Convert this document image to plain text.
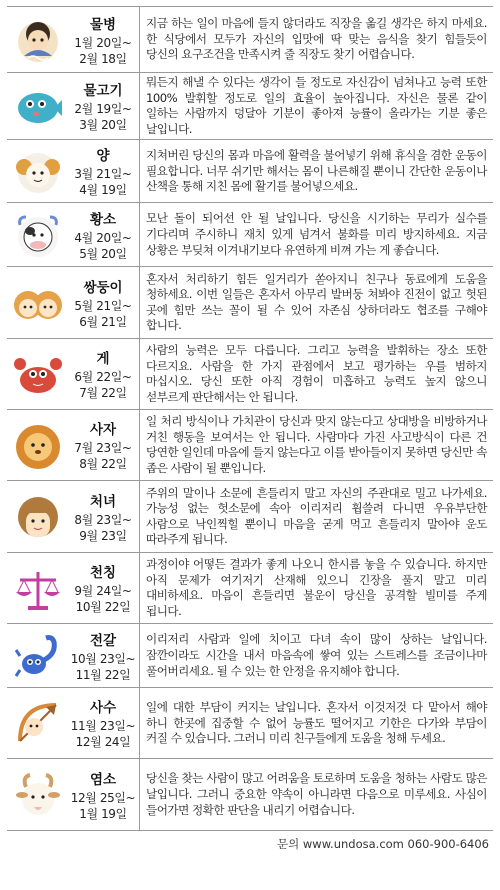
물병
1월 20일~
2월 18일	지금 하는 일이 마음에 들지 않더라도 직장을 옮길 생각은 하지 마세요. 한 식당에서 모두가 자신의 입맛에 딱 맞는 음식을 찾기 힘들듯이 당신의 요구조건을 만족시켜 줄 직장도 찾기 어렵습니다.

물고기
2월 19일~
3월 20일	뭐든지 해낼 수 있다는 생각이 들 정도로 자신감이 넘쳐나고 능력 또한 100% 발휘할 정도로 일의 효율이 높아집니다. 자신은 물론 같이 일하는 사람까지 덩달아 기분이 좋아져 능률이 올라가는 기분 좋은 날입니다.

양
3월 21일~
4월 19일	지쳐버린 당신의 몸과 마음에 활력을 불어넣기 위해 휴식을 겸한 운동이 필요합니다. 너무 쉬기만 해서는 몸이 나른해질 뿐이니 간단한 운동이나 산책을 통해 지친 몸에 활기를 불어넣으세요.

황소
4월 20일~
5월 20일	모난 돌이 되어선 안 될 날입니다. 당신을 시기하는 무리가 실수를 기다리며 주시하니 재치 있게 넘겨서 불화를 미리 방지하세요. 지금 상황은 부딪쳐 이겨내기보다 유연하게 비껴 가는 게 좋습니다.

쌍둥이
5월 21일~
6월 21일	혼자서 처리하기 힘든 일거리가 쏟아지니 친구나 동료에게 도움을 청하세요. 이번 일들은 혼자서 아무리 발버둥 쳐봐야 진전이 없고 헛된 곳에 힘만 쓰는 꼴이 될 수 있어 자존심 상하더라도 협조를 구해야 합니다.

게
6월 22일~
7월 22일	사람의 능력은 모두 다릅니다. 그리고 능력을 발휘하는 장소 또한 다르지요. 사람을 한 가지 관점에서 보고 평가하는 우를 범하지 마십시오. 당신 또한 아직 경험이 미흡하고 능력도 높지 않으니 섣부르게 판단해서는 안 됩니다.

사자
7월 23일~
8월 22일	일 처리 방식이나 가치관이 당신과 맞지 않는다고 상대방을 비방하거나 거친 행동을 보여서는 안 됩니다. 사람마다 가진 사고방식이 다른 건 당연한 일인데 마음에 들지 않는다고 이를 받아들이지 못하면 당신만 속 좁은 사람이 될 뿐입니다.

처녀
8월 23일~
9월 23일	주위의 말이나 소문에 흔들리지 말고 자신의 주관대로 밀고 나가세요. 가능성 없는 헛소문에 속아 이리저리 휩쓸려 다니면 우유부단한 사람으로 낙인찍힐 뿐이니 마음을 굳게 먹고 흔들리지 말아야 운도 따라주게 됩니다.

천칭
9월 24일~
10월 22일	과정이야 어떻든 결과가 좋게 나오니 한시름 놓을 수 있습니다. 하지만 아직 문제가 여기저기 산재해 있으니 긴장을 풀지 말고 미리 대비하세요. 마음이 흔들리면 불운이 당신을 공격할 빌미를 주게 됩니다.

전갈
10월 23일~
11월 22일	이리저리 사람과 일에 치이고 다녀 속이 많이 상하는 날입니다. 잠깐이라도 시간을 내서 마음속에 쌓여 있는 스트레스를 조금이나마 풀어버리세요. 될 수 있는 한 안정을 유지해야 합니다.

사수
11월 23일~
12월 24일	일에 대한 부담이 커지는 날입니다. 혼자서 이것저것 다 맡아서 해야 하니 한곳에 집중할 수 없어 능률도 떨어지고 기한은 다가와 부담이 커질 수 있습니다. 그러니 미리 친구들에게 도움을 청해 두세요.

염소
12월 25일~
1월 19일	당신을 찾는 사람이 많고 어려움을 토로하며 도움을 청하는 사람도 많은 날입니다. 그러니 중요한 약속이 아니라면 다음으로 미루세요. 사심이 들어가면 정확한 판단을 내리기 어렵습니다.
문의 www.undosa.com 060-900-6406
